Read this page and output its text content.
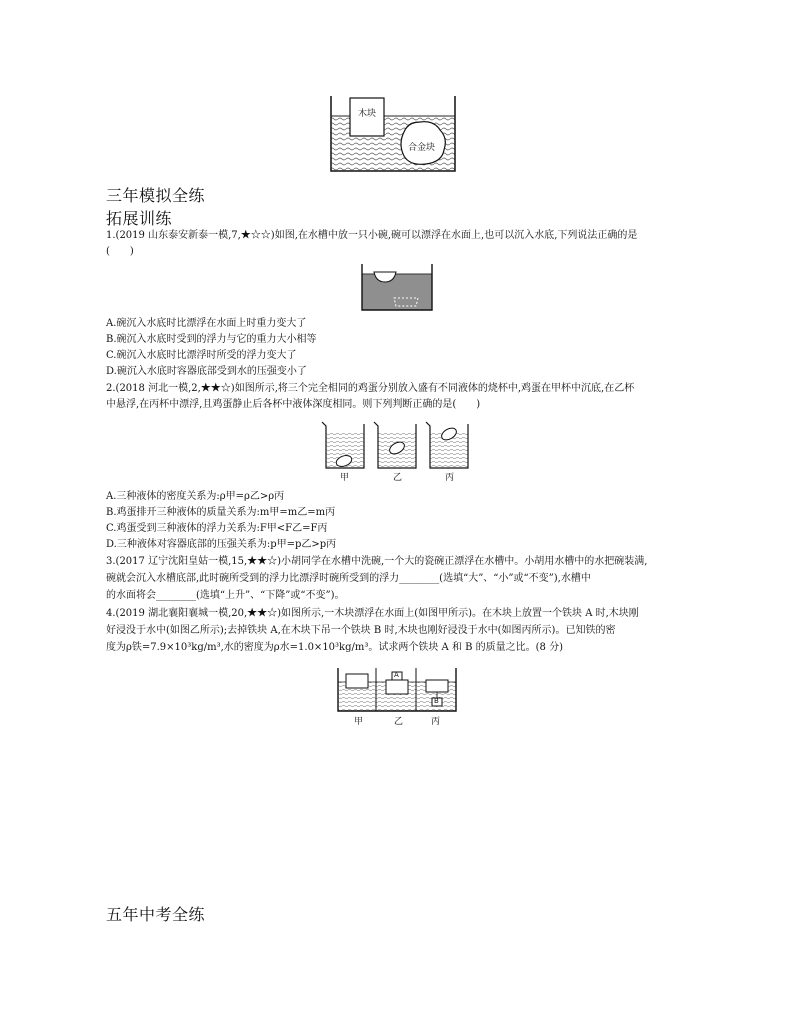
木块
合金块
三年模拟全练
拓展训练
1.(2019 山东泰安新泰一模,7,★☆☆)如图,在水槽中放一只小碗,碗可以漂浮在水面上,也可以沉入水底,下列说法正确的是
(　　)
A.碗沉入水底时比漂浮在水面上时重力变大了
B.碗沉入水底时受到的浮力与它的重力大小相等
C.碗沉入水底时比漂浮时所受的浮力变大了
D.碗沉入水底时容器底部受到水的压强变小了
2.(2018 河北一模,2,★★☆)如图所示,将三个完全相同的鸡蛋分别放入盛有不同液体的烧杯中,鸡蛋在甲杯中沉底,在乙杯
中悬浮,在丙杯中漂浮,且鸡蛋静止后各杯中液体深度相同。则下列判断正确的是(　　)
甲	乙	丙
A.三种液体的密度关系为:ρ甲=ρ乙>ρ丙
B.鸡蛋排开三种液体的质量关系为:m甲=m乙=m丙
C.鸡蛋受到三种液体的浮力关系为:F甲<F乙=F丙
D.三种液体对容器底部的压强关系为:p甲=p乙>p丙
3.(2017 辽宁沈阳皇姑一模,15,★★☆)小胡同学在水槽中洗碗,一个大的瓷碗正漂浮在水槽中。小胡用水槽中的水把碗装满,
碗就会沉入水槽底部,此时碗所受到的浮力比漂浮时碗所受到的浮力________(选填“大”、“小”或“不变”),水槽中
的水面将会________(选填“上升”、“下降”或“不变”)。
4.(2019 湖北襄阳襄城一模,20,★★☆)如图所示,一木块漂浮在水面上(如图甲所示)。在木块上放置一个铁块 A 时,木块刚
好浸没于水中(如图乙所示);去掉铁块 A,在木块下吊一个铁块 B 时,木块也刚好浸没于水中(如图丙所示)。已知铁的密
度为ρ铁=7.9×10³kg/m³,水的密度为ρ水=1.0×10³kg/m³。试求两个铁块 A 和 B 的质量之比。(8 分)
A
B
甲	乙	丙
五年中考全练
